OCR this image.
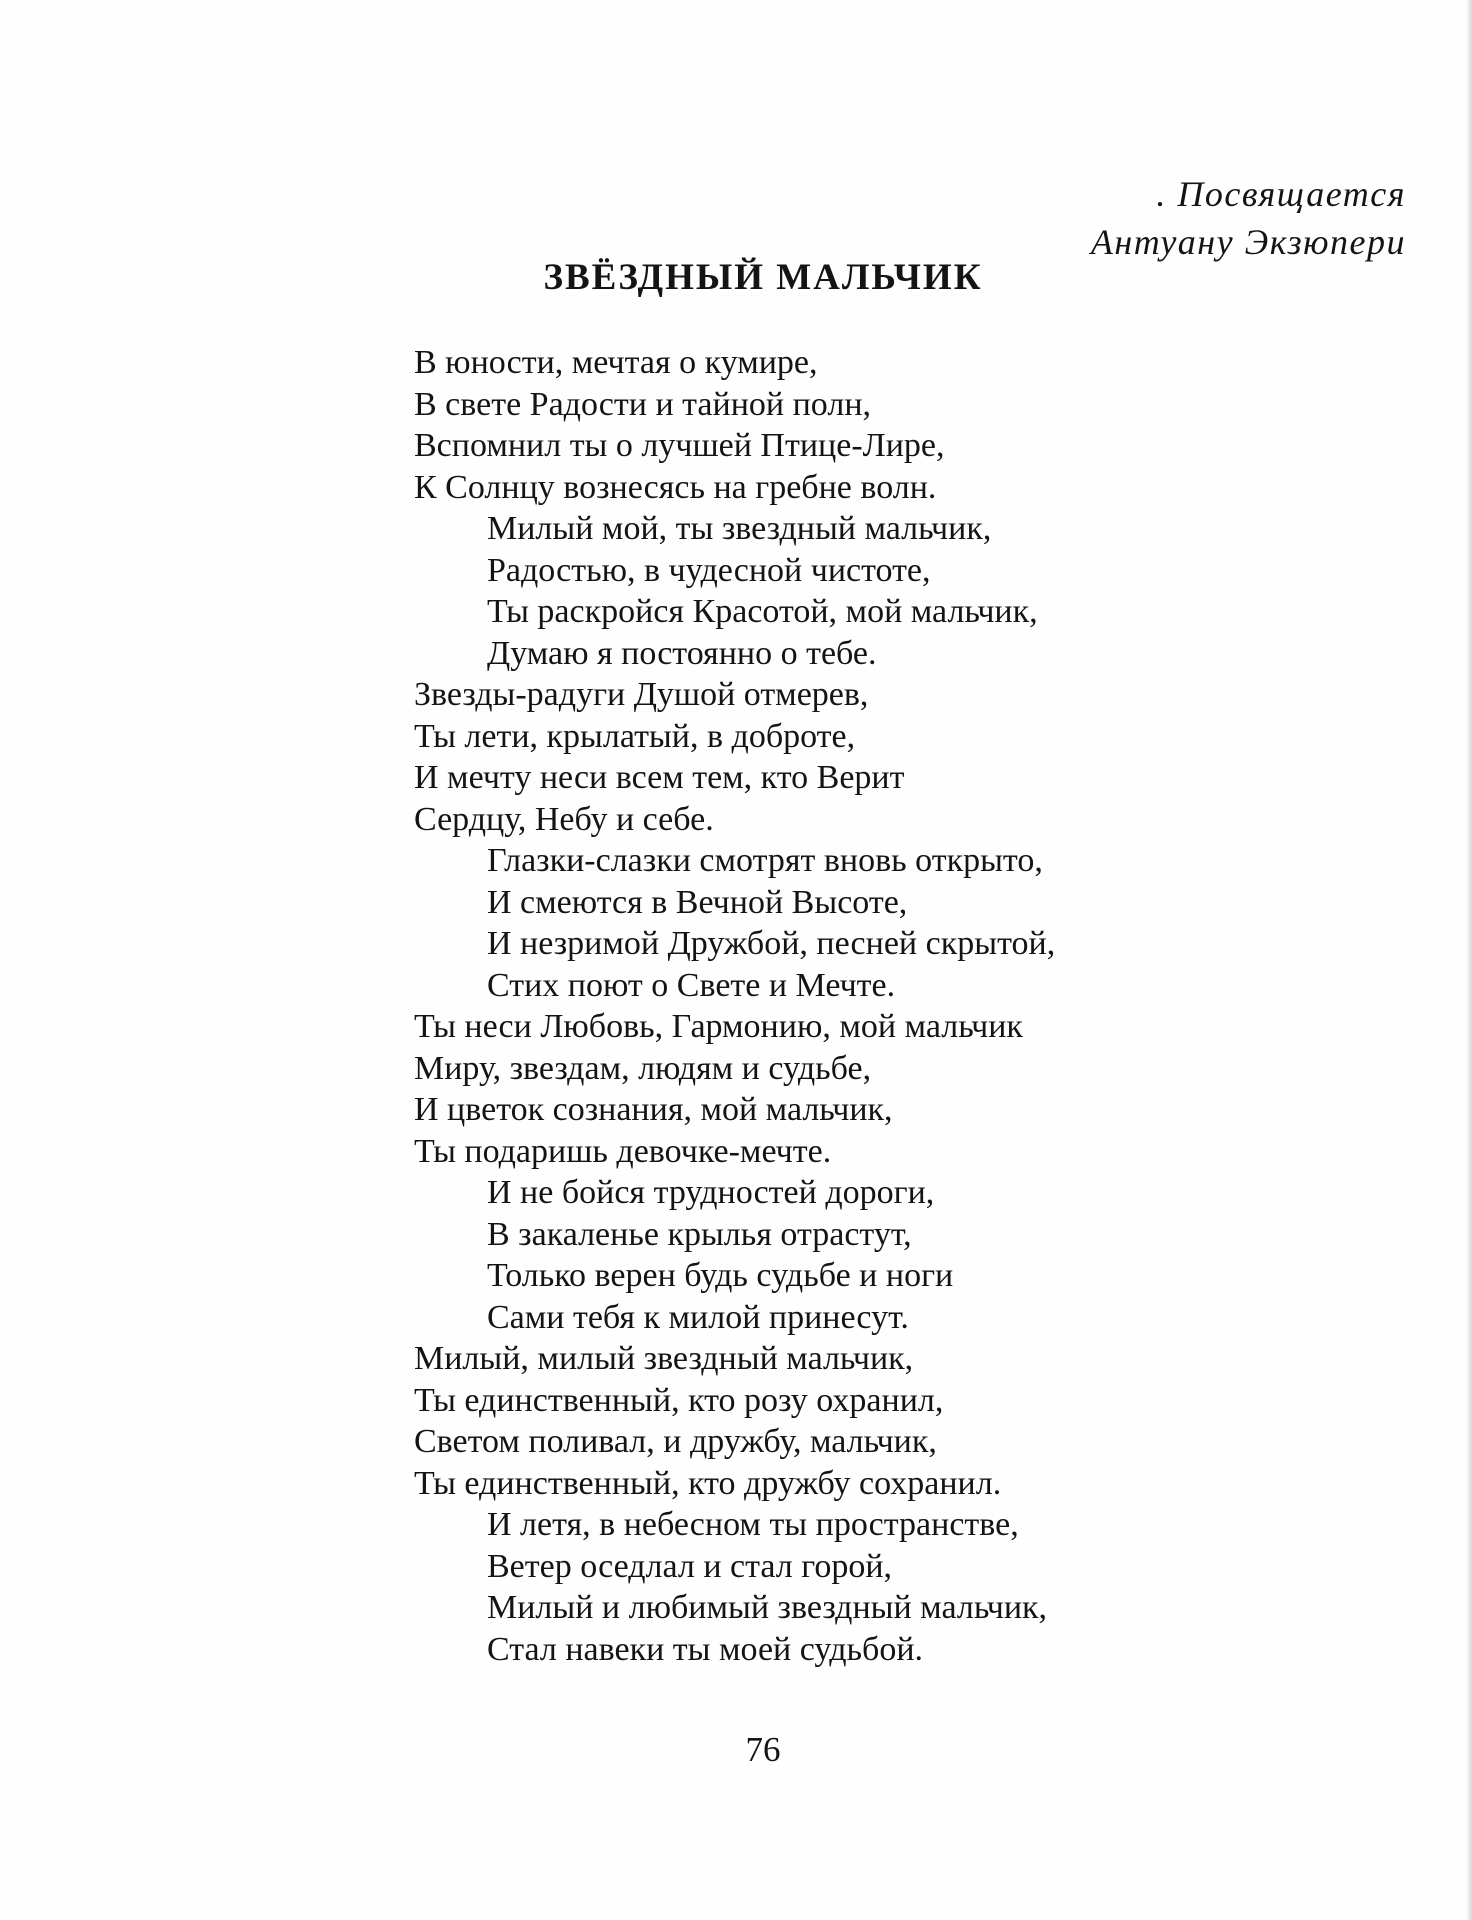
. Посвящается
Антуану Экзюпери
ЗВЁЗДНЫЙ МАЛЬЧИК
В юности, мечтая о кумире,
В свете Радости и тайной полн,
Вспомнил ты о лучшей Птице-Лире,
К Солнцу вознесясь на гребне волн.
Милый мой, ты звездный мальчик,
Радостью, в чудесной чистоте,
Ты раскройся Красотой, мой мальчик,
Думаю я постоянно о тебе.
Звезды-радуги Душой отмерев,
Ты лети, крылатый, в доброте,
И мечту неси всем тем, кто Верит
Сердцу, Небу и себе.
Глазки-слазки смотрят вновь открыто,
И смеются в Вечной Высоте,
И незримой Дружбой, песней скрытой,
Стих поют о Свете и Мечте.
Ты неси Любовь, Гармонию, мой мальчик
Миру, звездам, людям и судьбе,
И цветок сознания, мой мальчик,
Ты подаришь девочке-мечте.
И не бойся трудностей дороги,
В закаленье крылья отрастут,
Только верен будь судьбе и ноги
Сами тебя к милой принесут.
Милый, милый звездный мальчик,
Ты единственный, кто розу охранил,
Светом поливал, и дружбу, мальчик,
Ты единственный, кто дружбу сохранил.
И летя, в небесном ты пространстве,
Ветер оседлал и стал горой,
Милый и любимый звездный мальчик,
Стал навеки ты моей судьбой.
76
